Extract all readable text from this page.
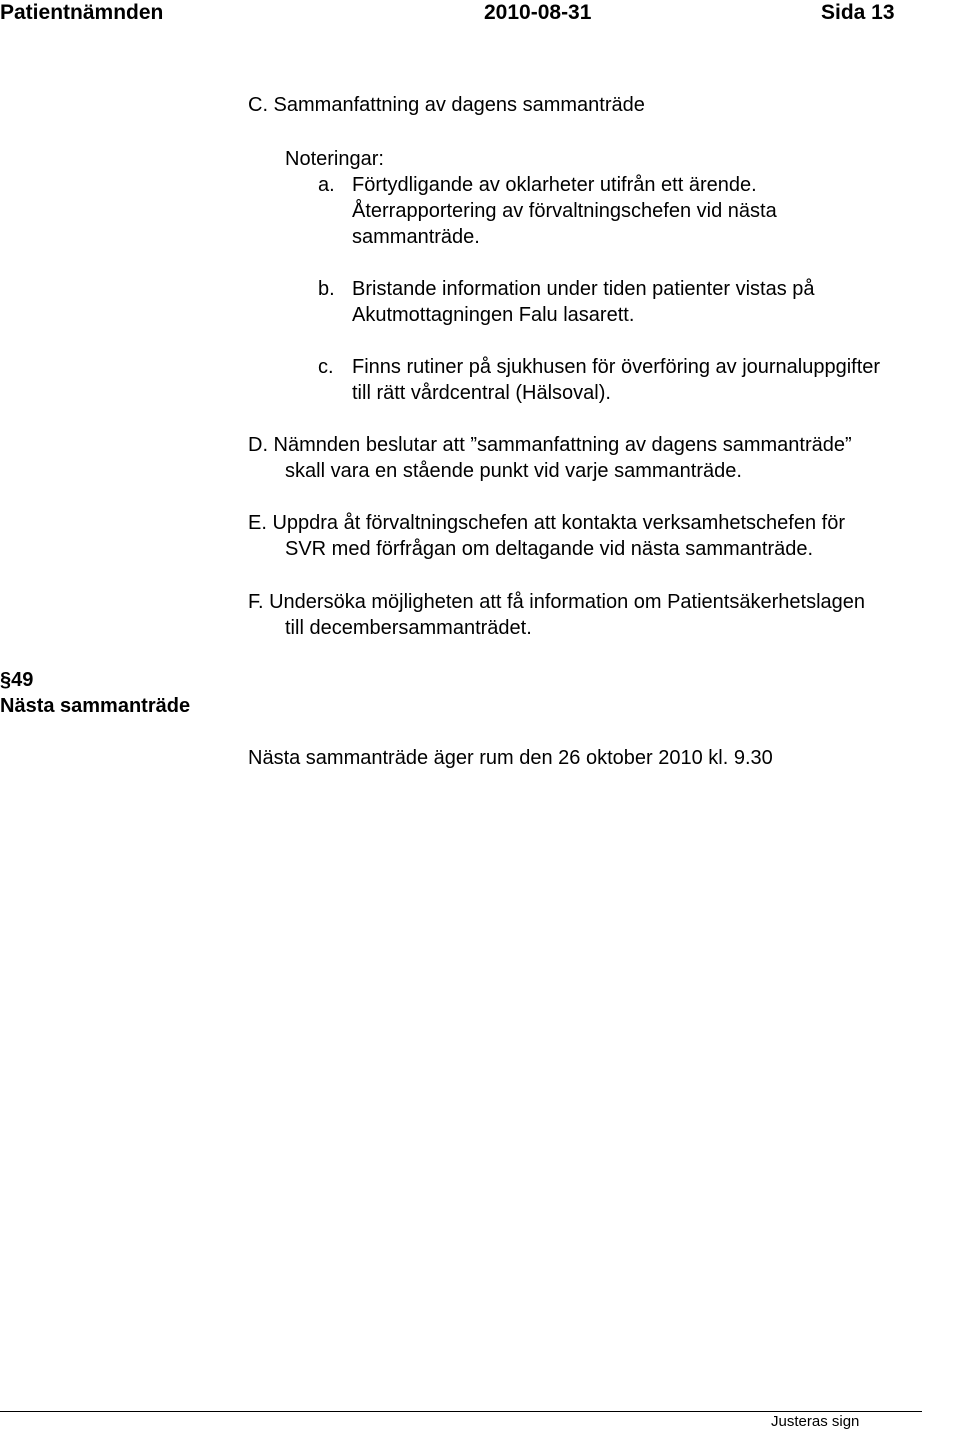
Patientnämnden	2010-08-31	Sida 13
C. Sammanfattning av dagens sammanträde
Noteringar:
a. Förtydligande av oklarheter utifrån ett ärende.
Återrapportering av förvaltningschefen vid nästa
sammanträde.
b. Bristande information under tiden patienter vistas på
Akutmottagningen Falu lasarett.
c. Finns rutiner på sjukhusen för överföring av journaluppgifter
till rätt vårdcentral (Hälsoval).
D. Nämnden beslutar att ”sammanfattning av dagens sammanträde”
skall vara en stående punkt vid varje sammanträde.
E. Uppdra åt förvaltningschefen att kontakta verksamhetschefen för
SVR med förfrågan om deltagande vid nästa sammanträde.
F. Undersöka möjligheten att få information om Patientsäkerhetslagen
till decembersammanträdet.
§49
Nästa sammanträde
Nästa sammanträde äger rum den 26 oktober 2010 kl. 9.30
Justeras sign
